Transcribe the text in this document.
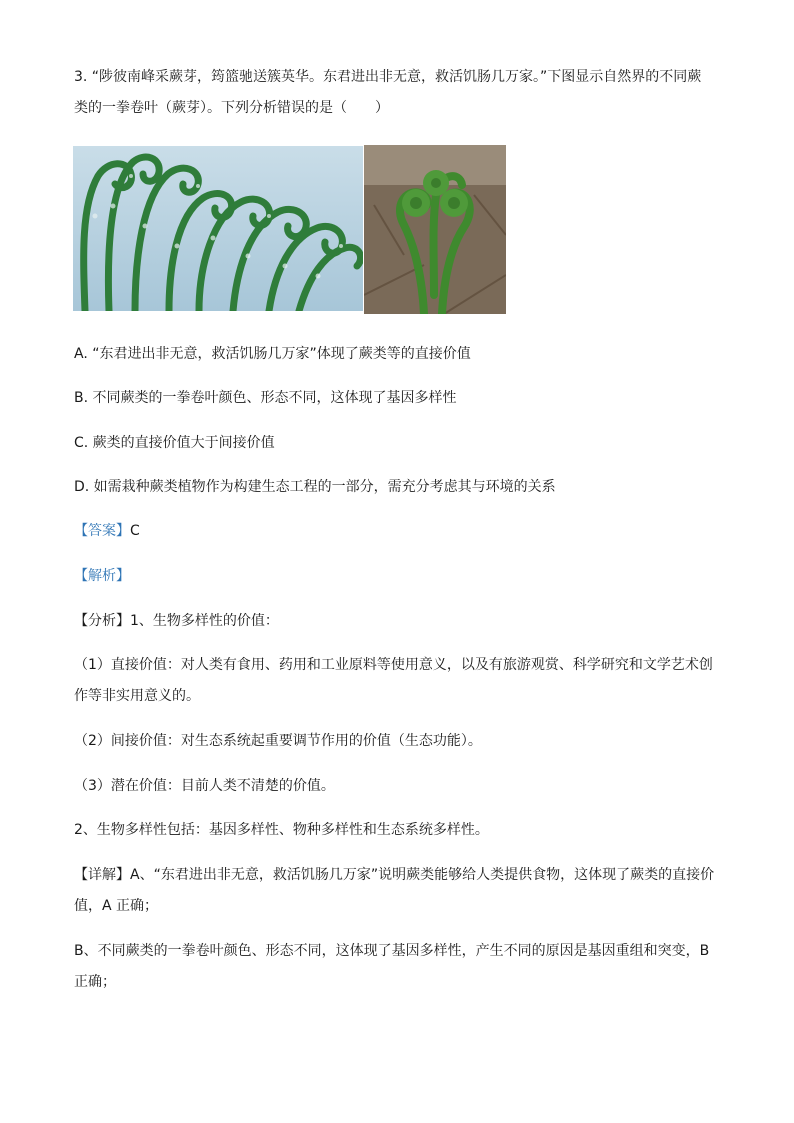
3. “陟彼南峰采蕨芽，筠篮驰送簇英华。东君进出非无意，救活饥肠几万家。”下图显示自然界的不同蕨
类的一拳卷叶（蕨芽）。下列分析错误的是（　　）
A. “东君进出非无意，救活饥肠几万家”体现了蕨类等的直接价值
B. 不同蕨类的一拳卷叶颜色、形态不同，这体现了基因多样性
C. 蕨类的直接价值大于间接价值
D. 如需栽种蕨类植物作为构建生态工程的一部分，需充分考虑其与环境的关系
【答案】C
【解析】
【分析】1、生物多样性的价值：
（1）直接价值：对人类有食用、药用和工业原料等使用意义，以及有旅游观赏、科学研究和文学艺术创
作等非实用意义的。
（2）间接价值：对生态系统起重要调节作用的价值（生态功能）。
（3）潜在价值：目前人类不清楚的价值。
2、生物多样性包括：基因多样性、物种多样性和生态系统多样性。
【详解】A、“东君进出非无意，救活饥肠几万家”说明蕨类能够给人类提供食物，这体现了蕨类的直接价
值，A 正确；
B、不同蕨类的一拳卷叶颜色、形态不同，这体现了基因多样性，产生不同的原因是基因重组和突变，B
正确；
